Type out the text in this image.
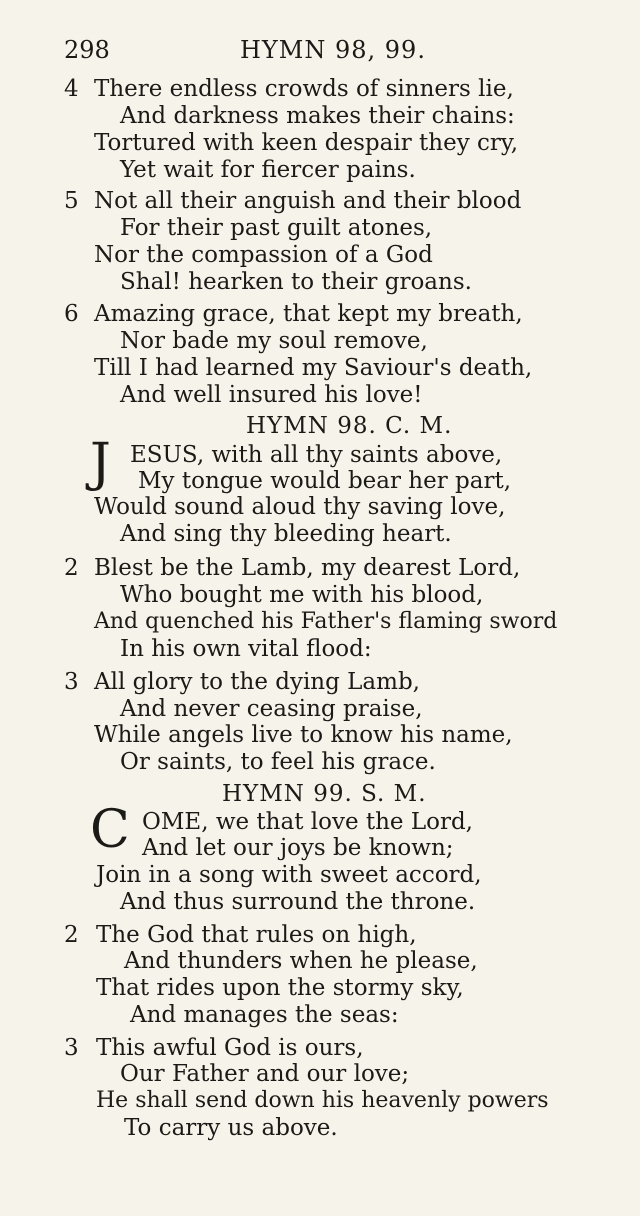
298	HYMN 98, 99.
4 There endless crowds of sinners lie,
And darkness makes their chains:
Tortured with keen despair they cry,
Yet wait for fiercer pains.
5 Not all their anguish and their blood
For their past guilt atones,
Nor the compassion of a God
Shal! hearken to their groans.
6 Amazing grace, that kept my breath,
Nor bade my soul remove,
Till I had learned my Saviour's death,
And well insured his love!
HYMN 98. C. M.
J ESUS, with all thy saints above,
My tongue would bear her part,
Would sound aloud thy saving love,
And sing thy bleeding heart.
2 Blest be the Lamb, my dearest Lord,
Who bought me with his blood,
And quenched his Father's flaming sword
In his own vital flood:
3 All glory to the dying Lamb,
And never ceasing praise,
While angels live to know his name,
Or saints, to feel his grace.
HYMN 99. S. M.
C OME, we that love the Lord,
And let our joys be known;
Join in a song with sweet accord,
And thus surround the throne.
2 The God that rules on high,
And thunders when he please,
That rides upon the stormy sky,
And manages the seas:
3 This awful God is ours,
Our Father and our love;
He shall send down his heavenly powers
To carry us above.
